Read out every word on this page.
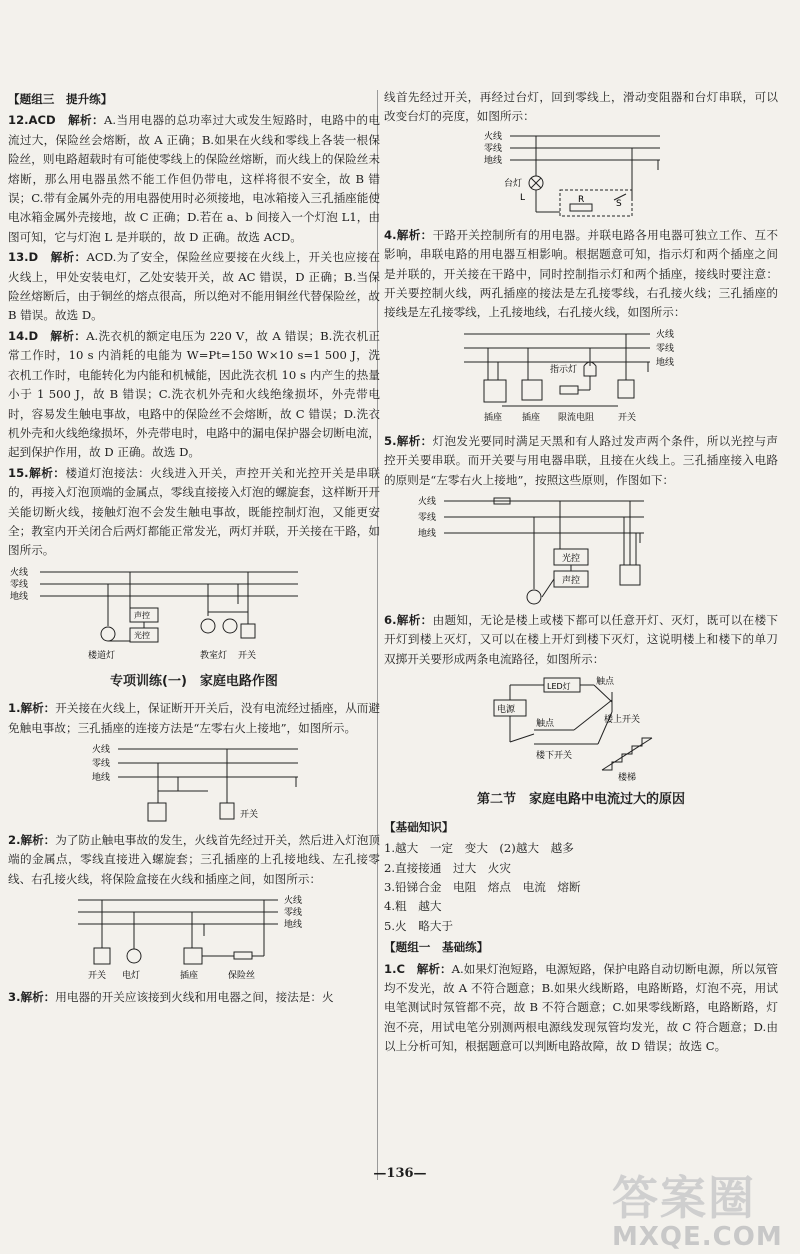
【题组三　提升练】
12.ACD　 解析：A.当用电器的总功率过大或发生短路时，电路中的电流过大，保险丝会熔断，故 A 正确；B.如果在火线和零线上各装一根保险丝，则电路超载时有可能使零线上的保险丝熔断，而火线上的保险丝未熔断，那么用电器虽然不能工作但仍带电，这样将很不安全，故 B 错误；C.带有金属外壳的用电器使用时必须接地，电冰箱接入三孔插座能使电冰箱金属外壳接地，故 C 正确；D.若在 a、b 间接入一个灯泡 L1，由图可知，它与灯泡 L 是并联的，故 D 正确。故选 ACD。
13.D　 解析：ACD.为了安全，保险丝应要接在火线上，开关也应接在火线上，甲处安装电灯，乙处安装开关，故 AC 错误，D 正确；B.当保险丝熔断后，由于铜丝的熔点很高，所以绝对不能用铜丝代替保险丝，故 B 错误。故选 D。
14.D　 解析：A.洗衣机的额定电压为 220 V，故 A 错误；B.洗衣机正常工作时，10 s 内消耗的电能为 W=Pt=150 W×10 s=1 500 J，洗衣机工作时，电能转化为内能和机械能，因此洗衣机 10 s 内产生的热量小于 1 500 J，故 B 错误；C.洗衣机外壳和火线绝缘损坏，外壳带电时，容易发生触电事故，电路中的保险丝不会熔断，故 C 错误；D.洗衣机外壳和火线绝缘损坏，外壳带电时，电路中的漏电保护器会切断电流，起到保护作用，故 D 正确。故选 D。
15.解析：楼道灯泡接法：火线进入开关，声控开关和光控开关是串联的，再接入灯泡顶端的金属点，零线直接接入灯泡的螺旋套，这样断开开关能切断火线，接触灯泡不会发生触电事故，既能控制灯泡，又能更安全；教室内开关闭合后两灯都能正常发光，两灯并联，开关接在干路，如图所示。
火线
零线
地线
声控
光控
楼道灯	教室灯 开关
专项训练(一)　家庭电路作图
1.解析：开关接在火线上，保证断开开关后，没有电流经过插座，从而避免触电事故；三孔插座的连接方法是“左零右火上接地”，如图所示。
火线
零线
地线
开关
2.解析：为了防止触电事故的发生，火线首先经过开关，然后进入灯泡顶端的金属点，零线直接进入螺旋套；三孔插座的上孔接地线、左孔接零线、右孔接火线，将保险盒接在火线和插座之间，如图所示：
火线
零线
地线
开关 电灯	插座	保险丝
3.解析：用电器的开关应该接到火线和用电器之间，接法是：火
线首先经过开关，再经过台灯，回到零线上，滑动变阻器和台灯串联，可以改变台灯的亮度，如图所示：
火线
零线
地线
台灯
L	R	S
4.解析：干路开关控制所有的用电器。并联电路各用电器可独立工作、互不影响，串联电路的用电器互相影响。根据题意可知，指示灯和两个插座之间是并联的，开关接在干路中，同时控制指示灯和两个插座，接线时要注意：开关要控制火线，两孔插座的接法是左孔接零线，右孔接火线；三孔插座的接线是左孔接零线，上孔接地线，右孔接火线，如图所示：
火线
零线
地线
指示灯
插座 插座 限流电阻	开关
5.解析：灯泡发光要同时满足天黑和有人路过发声两个条件，所以光控与声控开关要串联。而开关要与用电器串联，且接在火线上。三孔插座接入电路的原则是“左零右火上接地”，按照这些原则，作图如下：
火线
零线
地线
光控
声控
6.解析：由题知，无论是楼上或楼下都可以任意开灯、灭灯，既可以在楼下开灯到楼上灭灯，又可以在楼上开灯到楼下灭灯，这说明楼上和楼下的单刀双掷开关要形成两条电流路径，如图所示：
电源
LED灯	触点
触点	楼上开关
楼下开关
楼梯
第二节　家庭电路中电流过大的原因
【基础知识】

1.越大　一定　变大　(2)越大　越多

2.直接接通　过大　火灾

3.铅锑合金　电阻　熔点　电流　熔断

4.粗　越大

5.火　略大于

【题组一　基础练】
1.C　 解析：A.如果灯泡短路，电源短路，保护电路自动切断电源，所以氖管均不发光，故 A 不符合题意；B.如果火线断路，电路断路，灯泡不亮，用试电笔测试时氖管都不亮，故 B 不符合题意；C.如果零线断路，电路断路，灯泡不亮，用试电笔分别测两根电源线发现氖管均发光，故 C 符合题意；D.由以上分析可知，根据题意可以判断电路故障，故 D 错误；故选 C。
—136—	答案圈
MXQE.COM
